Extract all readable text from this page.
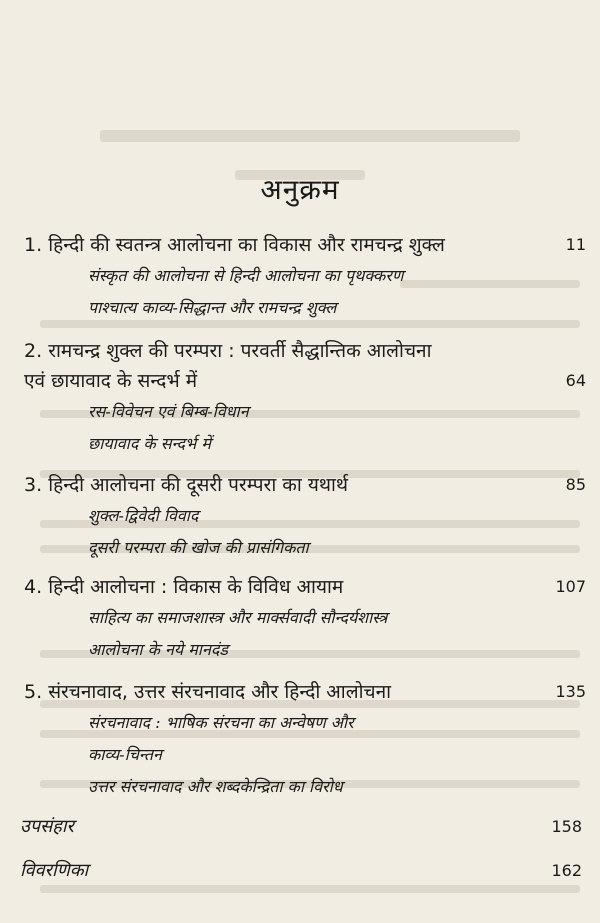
अनुक्रम
1. हिन्दी की स्वतन्त्र आलोचना का विकास और रामचन्द्र शुक्ल	11
संस्कृत की आलोचना से हिन्दी आलोचना का पृथक्करण
पाश्चात्य काव्य-सिद्धान्त और रामचन्द्र शुक्ल
2. रामचन्द्र शुक्ल की परम्परा : परवर्ती सैद्धान्तिक आलोचना
एवं छायावाद के सन्दर्भ में	64
रस-विवेचन एवं बिम्ब-विधान
छायावाद के सन्दर्भ में
3. हिन्दी आलोचना की दूसरी परम्परा का यथार्थ	85
शुक्ल-द्विवेदी विवाद
दूसरी परम्परा की खोज की प्रासंगिकता
4. हिन्दी आलोचना : विकास के विविध आयाम	107
साहित्य का समाजशास्त्र और मार्क्सवादी सौन्दर्यशास्त्र
आलोचना के नये मानदंड
5. संरचनावाद, उत्तर संरचनावाद और हिन्दी आलोचना	135
संरचनावाद : भाषिक संरचना का अन्वेषण और
काव्य-चिन्तन
उत्तर संरचनावाद और शब्दकेन्द्रिता का विरोध
उपसंहार	158
विवरणिका	162
